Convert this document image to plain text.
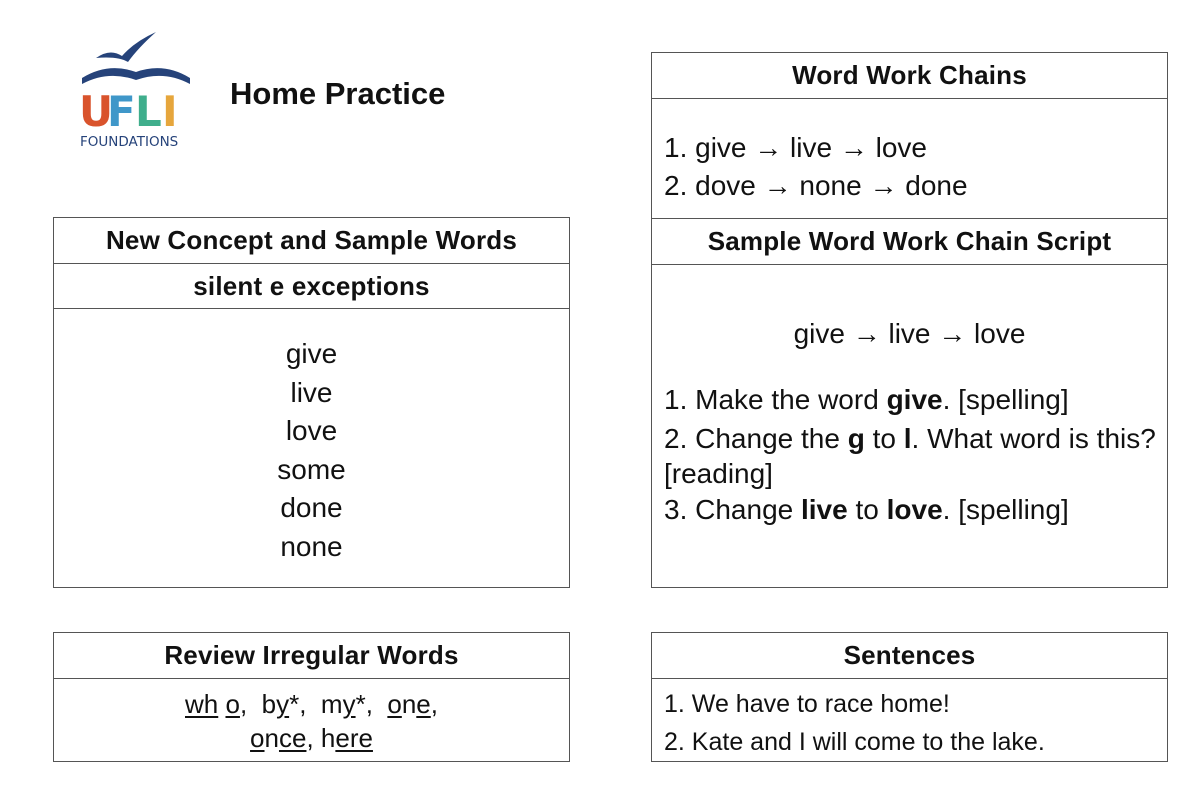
U
F L I
FOUNDATIONS
Home Practice
New Concept and Sample Words
silent e exceptions
give
live
love
some
done
none
Word Work Chains
1. give → live → love
2. dove → none → done
Sample Word Work Chain Script
give → live → love
1. Make the word give. [spelling]
2. Change the g to l. What word is this? [reading]
3. Change live to love. [spelling]
Review Irregular Words
wh o,  by*,  my*,  one,
once, here
Sentences
1. We have to race home!
2. Kate and I will come to the lake.
